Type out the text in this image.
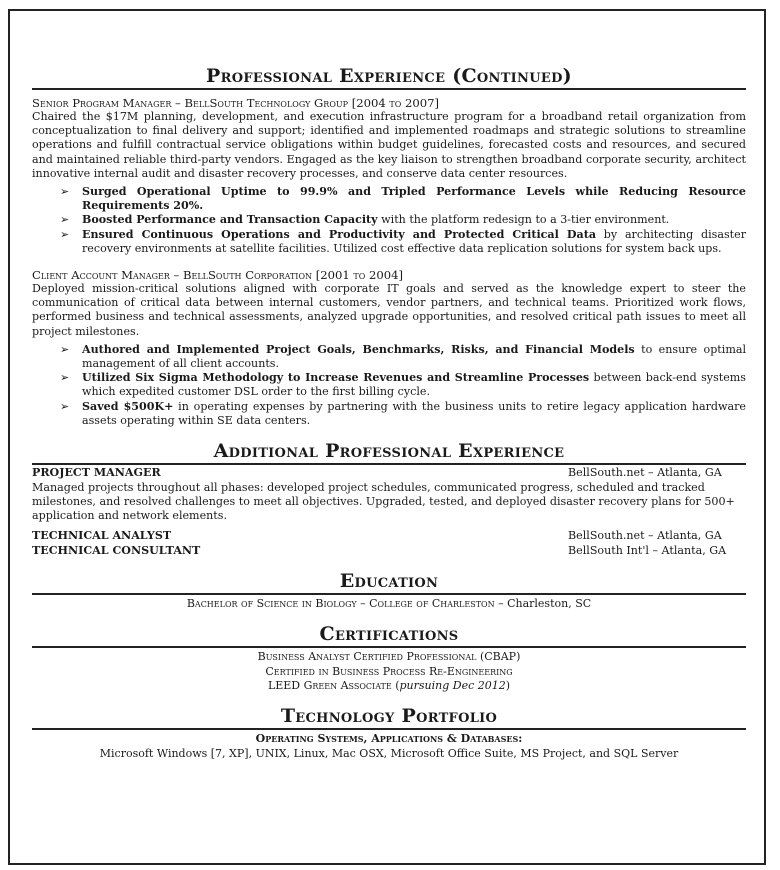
Professional Experience (Continued)
Senior Program Manager – BellSouth Technology Group [2004 to 2007]
Chaired the $17M planning, development, and execution infrastructure program for a broadband retail organization from conceptualization to final delivery and support; identified and implemented roadmaps and strategic solutions to streamline operations and fulfill contractual service obligations within budget guidelines, forecasted costs and resources, and secured and maintained reliable third-party vendors. Engaged as the key liaison to strengthen broadband corporate security, architect innovative internal audit and disaster recovery processes, and conserve data center resources.
➢ Surged Operational Uptime to 99.9% and Tripled Performance Levels while Reducing Resource Requirements 20%.
➢ Boosted Performance and Transaction Capacity with the platform redesign to a 3-tier environment.
➢ Ensured Continuous Operations and Productivity and Protected Critical Data by architecting disaster recovery environments at satellite facilities. Utilized cost effective data replication solutions for system back ups.
Client Account Manager – BellSouth Corporation [2001 to 2004]
Deployed mission-critical solutions aligned with corporate IT goals and served as the knowledge expert to steer the communication of critical data between internal customers, vendor partners, and technical teams. Prioritized work flows, performed business and technical assessments, analyzed upgrade opportunities, and resolved critical path issues to meet all project milestones.
➢ Authored and Implemented Project Goals, Benchmarks, Risks, and Financial Models to ensure optimal management of all client accounts.
➢ Utilized Six Sigma Methodology to Increase Revenues and Streamline Processes between back-end systems which expedited customer DSL order to the first billing cycle.
➢ Saved $500K+ in operating expenses by partnering with the business units to retire legacy application hardware assets operating within SE data centers.
Additional Professional Experience
PROJECT MANAGER	BellSouth.net – Atlanta, GA
Managed projects throughout all phases: developed project schedules, communicated progress, scheduled and tracked milestones, and resolved challenges to meet all objectives. Upgraded, tested, and deployed disaster recovery plans for 500+ application and network elements.
TECHNICAL ANALYST	BellSouth.net – Atlanta, GA
TECHNICAL CONSULTANT	BellSouth Int'l – Atlanta, GA
Education
Bachelor of Science in Biology – College of Charleston – Charleston, SC
Certifications
Business Analyst Certified Professional (CBAP)
Certified in Business Process Re-Engineering
LEED Green Associate (pursuing Dec 2012)
Technology Portfolio
Operating Systems, Applications & Databases:
Microsoft Windows [7, XP], UNIX, Linux, Mac OSX, Microsoft Office Suite, MS Project, and SQL Server
